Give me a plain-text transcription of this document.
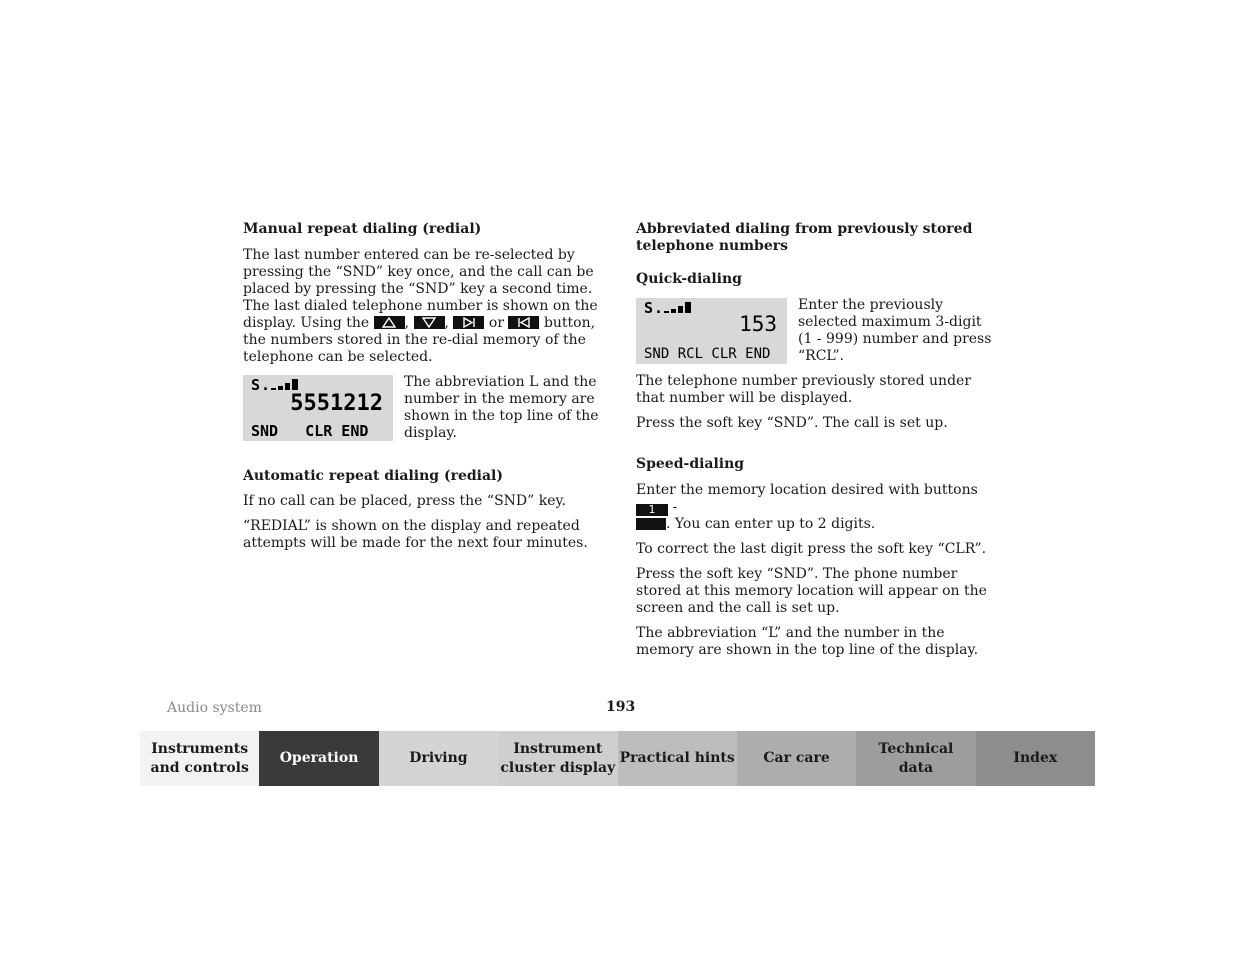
Manual repeat dialing (redial)

The last number entered can be re-selected by pressing the “SND” key once, and the call can be placed by pressing the “SND” key a second time. The last dialed telephone number is shown on the display. Using the	,	,	or	button, the numbers stored in the re-dial memory of the telephone can be selected.

S.
5551212
SND   CLR END

The abbreviation L and the number in the memory are shown in the top line of the display.

Automatic repeat dialing (redial)

If no call can be placed, press the “SND” key.

“REDIAL” is shown on the display and repeated attempts will be made for the next four minutes.

Abbreviated dialing from previously stored telephone numbers
Quick-dialing
S.
153
SND RCL CLR END

Enter the previously selected maximum 3-digit (1 - 999) number and press “RCL”.

The telephone number previously stored under that number will be displayed.

Press the soft key “SND”. The call is set up.

Speed-dialing

Enter the memory location desired with buttons 1 -
. You can enter up to 2 digits.

To correct the last digit press the soft key “CLR”.

Press the soft key “SND”. The phone number stored at this memory location will appear on the screen and the call is set up.

The abbreviation “L” and the number in the memory are shown in the top line of the display.

Audio system	193
Instruments
and controls
Operation	Driving
Instrument
cluster display
Practical hints	Car care
Technical
data
Index
